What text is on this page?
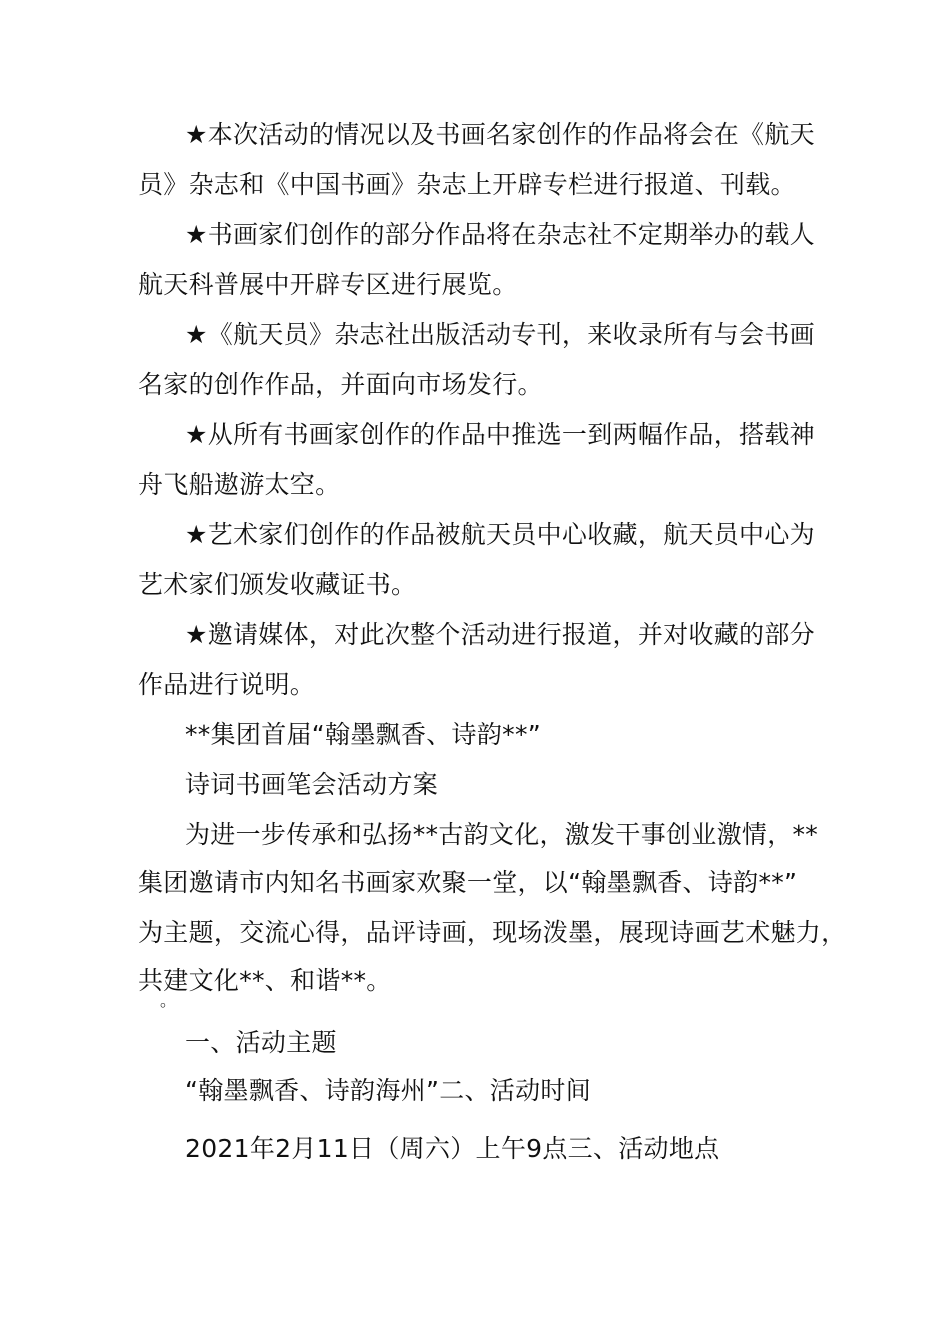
★本次活动的情况以及书画名家创作的作品将会在《航天
员》杂志和《中国书画》杂志上开辟专栏进行报道、刊载。
★书画家们创作的部分作品将在杂志社不定期举办的载人
航天科普展中开辟专区进行展览。
★《航天员》杂志社出版活动专刊，来收录所有与会书画
名家的创作作品，并面向市场发行。
★从所有书画家创作的作品中推选一到两幅作品，搭载神
舟飞船遨游太空。
★艺术家们创作的作品被航天员中心收藏，航天员中心为
艺术家们颁发收藏证书。
★邀请媒体，对此次整个活动进行报道，并对收藏的部分
作品进行说明。
**集团首届“翰墨飘香、诗韵**”
诗词书画笔会活动方案
为进一步传承和弘扬**古韵文化，激发干事创业激情，**
集团邀请市内知名书画家欢聚一堂，以“翰墨飘香、诗韵**”
为主题，交流心得，品评诗画，现场泼墨，展现诗画艺术魅力，
共建文化**、和谐**。
。
一、活动主题
“翰墨飘香、诗韵海州”二、活动时间
2021年2月11日（周六）上午9点三、活动地点
